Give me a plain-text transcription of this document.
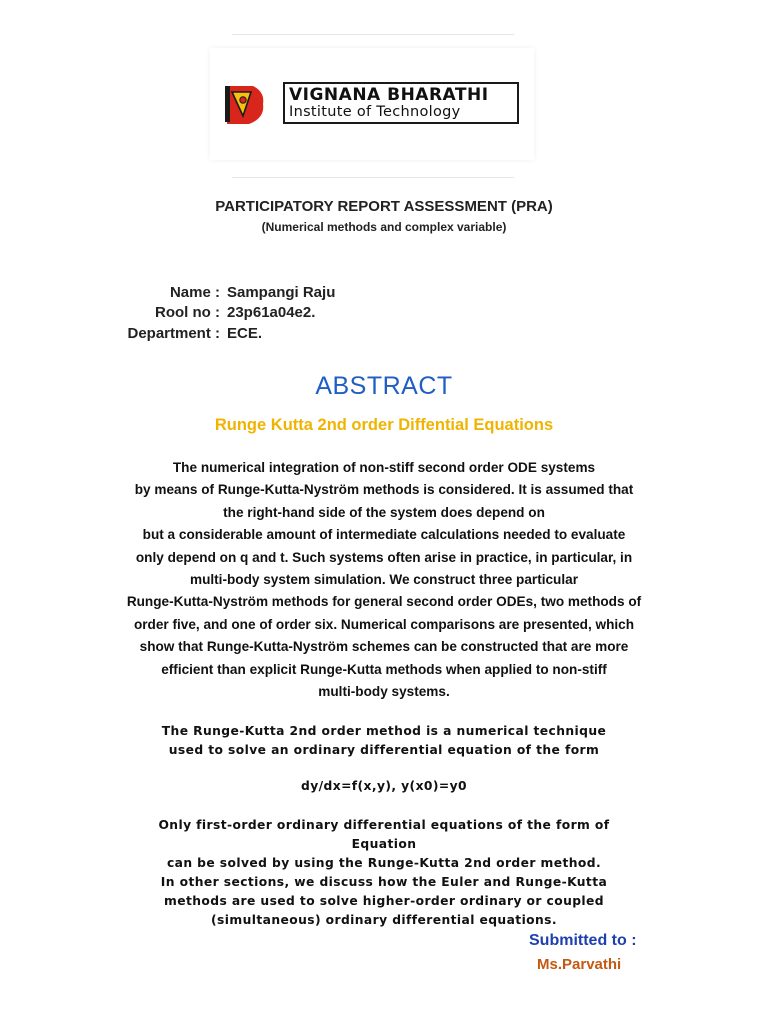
VIGNANA BHARATHI
Institute of Technology
PARTICIPATORY REPORT ASSESSMENT (PRA)
(Numerical methods and complex variable)
Name : Sampangi Raju
Rool no : 23p61a04e2.
Department : ECE.
ABSTRACT
Runge Kutta 2nd order Diffential Equations
The numerical integration of non-stiff second order ODE systems
by means of Runge-Kutta-Nyström methods is considered. It is assumed that
the right-hand side of the system does depend on
but a considerable amount of intermediate calculations needed to evaluate
only depend on q and t. Such systems often arise in practice, in particular, in
multi-body system simulation. We construct three particular
Runge-Kutta-Nyström methods for general second order ODEs, two methods of
order five, and one of order six. Numerical comparisons are presented, which
show that Runge-Kutta-Nyström schemes can be constructed that are more
efficient than explicit Runge-Kutta methods when applied to non-stiff
multi-body systems.
The Runge-Kutta 2nd order method is a numerical technique
used to solve an ordinary differential equation of the form
dy/dx=f(x,y), y(x0)=y0
Only first-order ordinary differential equations of the form of
Equation
can be solved by using the Runge-Kutta 2nd order method.
In other sections, we discuss how the Euler and Runge-Kutta
methods are used to solve higher-order ordinary or coupled
(simultaneous) ordinary differential equations.
Submitted to :
Ms.Parvathi
